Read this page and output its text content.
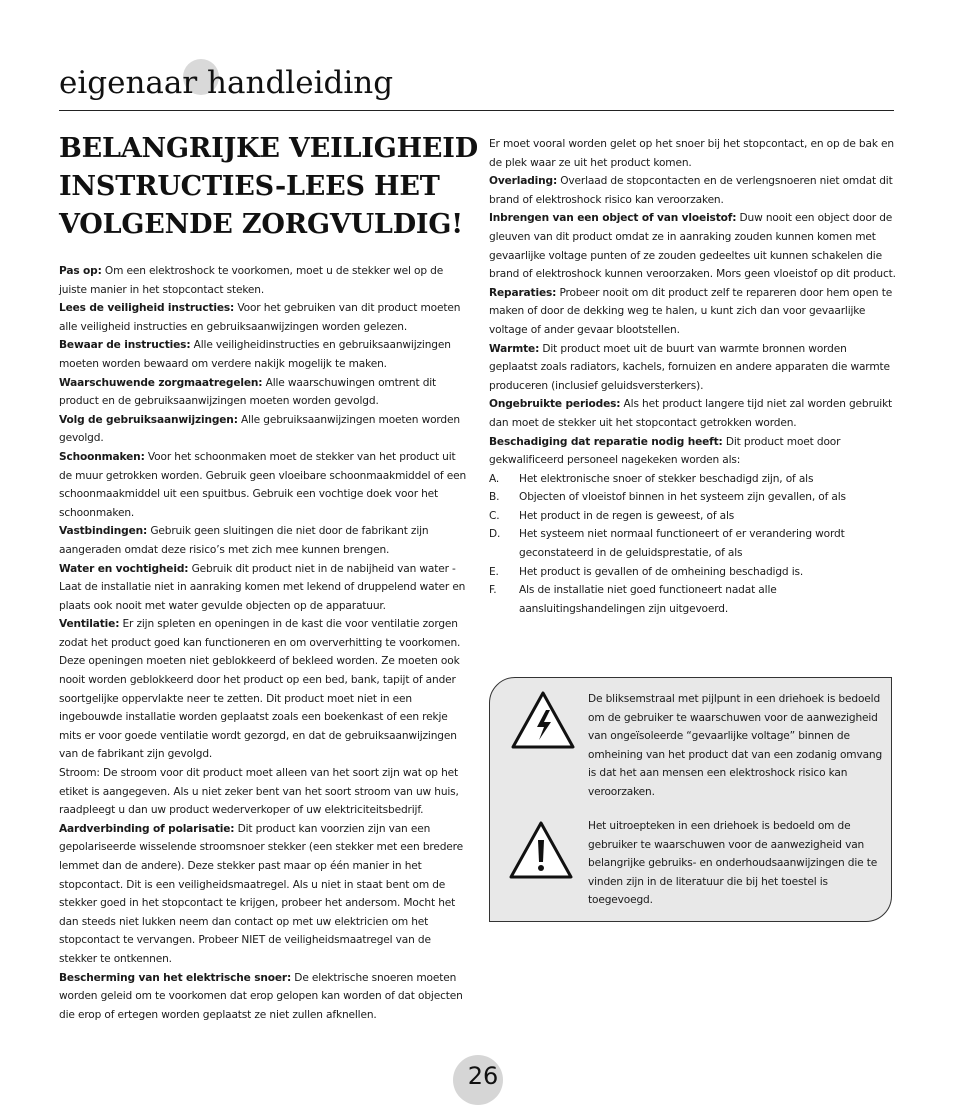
eigenaar handleiding
BELANGRIJKE VEILIGHEID
INSTRUCTIES-LEES HET
VOLGENDE ZORGVULDIG!

Pas op: Om een elektroshock te voorkomen, moet u de stekker wel op de juiste manier in het stopcontact steken.

Lees de veiligheid instructies: Voor het gebruiken van dit product moeten alle veiligheid instructies en gebruiksaanwijzingen worden gelezen.

Bewaar de instructies: Alle veiligheidinstructies en gebruiksaanwijzingen moeten worden bewaard om verdere nakijk mogelijk te maken.

Waarschuwende zorgmaatregelen: Alle waarschuwingen omtrent dit product en de gebruiksaanwijzingen moeten worden gevolgd.

Volg de gebruiksaanwijzingen: Alle gebruiksaanwijzingen moeten worden gevolgd.

Schoonmaken: Voor het schoonmaken moet de stekker van het product uit de muur getrokken worden. Gebruik geen vloeibare schoonmaakmiddel of een schoonmaakmiddel uit een spuitbus. Gebruik een vochtige doek voor het schoonmaken.

Vastbindingen: Gebruik geen sluitingen die niet door de fabrikant zijn aangeraden omdat deze risico’s met zich mee kunnen brengen.

Water en vochtigheid: Gebruik dit product niet in de nabijheid van water - Laat de installatie niet in aanraking komen met lekend of druppelend water en plaats ook nooit met water gevulde objecten op de apparatuur.

Ventilatie: Er zijn spleten en openingen in de kast die voor ventilatie zorgen zodat het product goed kan functioneren en om oververhitting te voorkomen. Deze openingen moeten niet geblokkeerd of bekleed worden. Ze moeten ook nooit worden geblokkeerd door het product op een bed, bank, tapijt of ander soortgelijke oppervlakte neer te zetten. Dit product moet niet in een ingebouwde installatie worden geplaatst zoals een boekenkast of een rekje mits er voor goede ventilatie wordt gezorgd, en dat de gebruiksaanwijzingen van de fabrikant zijn gevolgd.

Stroom: De stroom voor dit product moet alleen van het soort zijn wat op het etiket is aangegeven. Als u niet zeker bent van het soort stroom van uw huis, raadpleegt u dan uw product wederverkoper of uw elektriciteitsbedrijf.

Aardverbinding of polarisatie: Dit product kan voorzien zijn van een gepolariseerde wisselende stroomsnoer stekker (een stekker met een bredere lemmet dan de andere). Deze stekker past maar op één manier in het stopcontact. Dit is een veiligheidsmaatregel. Als u niet in staat bent om de stekker goed in het stopcontact te krijgen, probeer het andersom. Mocht het dan steeds niet lukken neem dan contact op met uw elektricien om het stopcontact te vervangen. Probeer NIET de veiligheidsmaatregel van de stekker te ontkennen.

Bescherming van het elektrische snoer: De elektrische snoeren moeten worden geleid om te voorkomen dat erop gelopen kan worden of dat objecten die erop of ertegen worden geplaatst ze niet zullen afknellen.

Er moet vooral worden gelet op het snoer bij het stopcontact, en op de bak en de plek waar ze uit het product komen.

Overlading: Overlaad de stopcontacten en de verlengsnoeren niet omdat dit brand of elektroshock risico kan veroorzaken.

Inbrengen van een object of van vloeistof: Duw nooit een object door de gleuven van dit product omdat ze in aanraking zouden kunnen komen met gevaarlijke voltage punten of ze zouden gedeeltes uit kunnen schakelen die brand of elektroshock kunnen veroorzaken. Mors geen vloeistof op dit product.

Reparaties: Probeer nooit om dit product zelf te repareren door hem open te maken of door de dekking weg te halen, u kunt zich dan voor gevaarlijke voltage of ander gevaar blootstellen.

Warmte: Dit product moet uit de buurt van warmte bronnen worden geplaatst zoals radiators, kachels, fornuizen en andere apparaten die warmte produceren (inclusief geluidsversterkers).

Ongebruikte periodes: Als het product langere tijd niet zal worden gebruikt dan moet de stekker uit het stopcontact getrokken worden.

Beschadiging dat reparatie nodig heeft: Dit product moet door gekwalificeerd personeel nagekeken worden als:

A. Het elektronische snoer of stekker beschadigd zijn, of als
B. Objecten of vloeistof binnen in het systeem zijn gevallen, of als
C. Het product in de regen is geweest, of als
D. Het systeem niet normaal functioneert of er verandering wordt geconstateerd in de geluidsprestatie, of als
E. Het product is gevallen of de omheining beschadigd is.
F. Als de installatie niet goed functioneert nadat alle aansluitingshandelingen zijn uitgevoerd.

De bliksemstraal met pijlpunt in een driehoek is bedoeld om de gebruiker te waarschuwen voor de aanwezigheid van ongeïsoleerde “gevaarlijke voltage” binnen de omheining van het product dat van een zodanig omvang is dat het aan mensen een elektroshock risico kan veroorzaken.

Het uitroepteken in een driehoek is bedoeld om de gebruiker te waarschuwen voor de aanwezigheid van belangrijke gebruiks- en onderhoudsaanwijzingen die te vinden zijn in de literatuur die bij het toestel is toegevoegd.

26
